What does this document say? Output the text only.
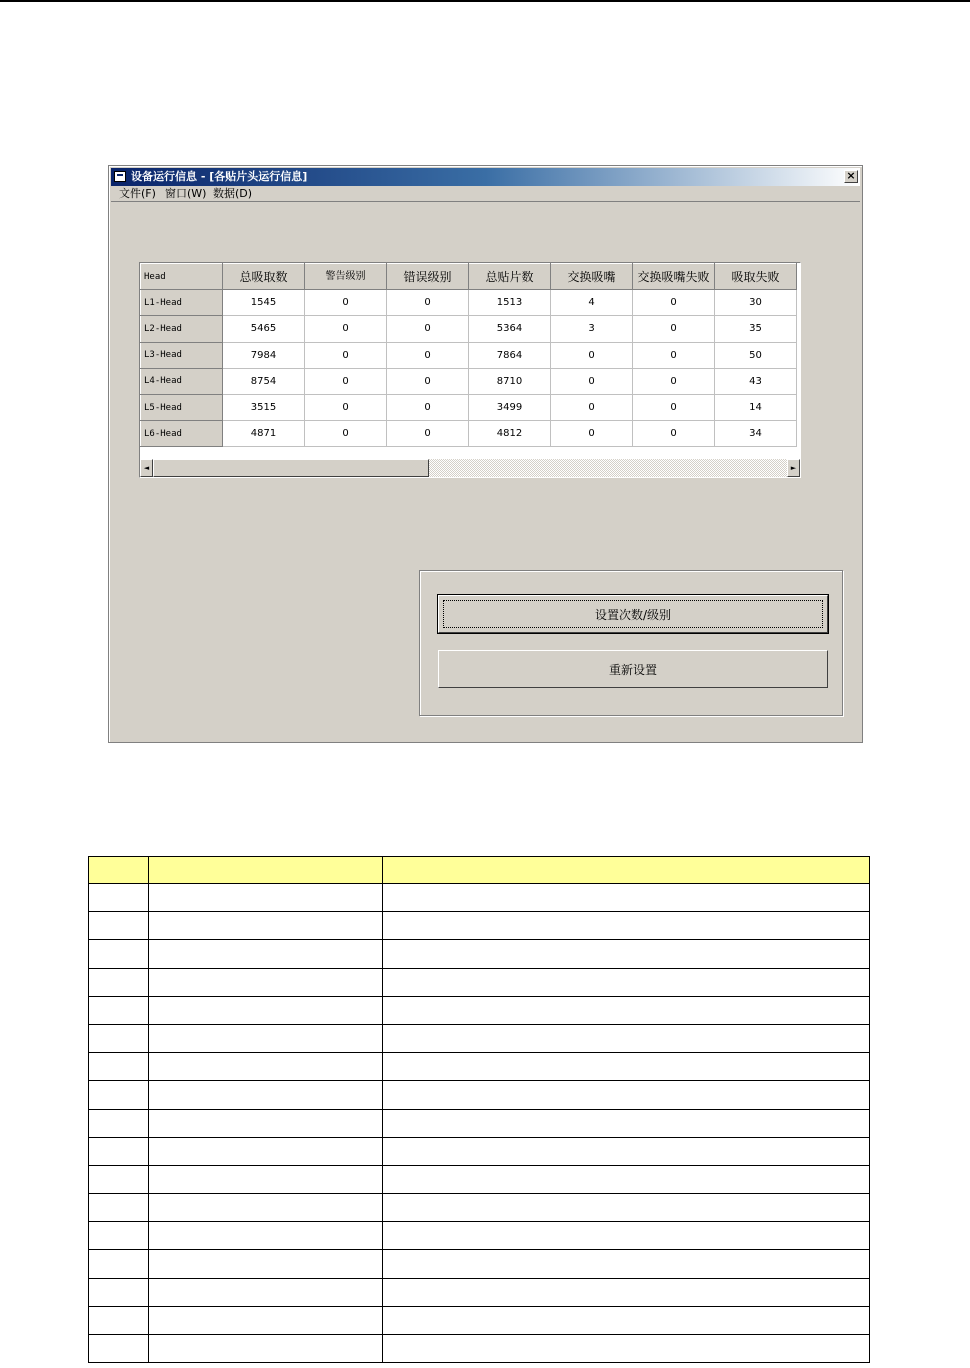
设备运行信息 - [各贴片头运行信息]	×
文件(F) 窗口(W) 数据(D)
Head	总吸取数	警告级别	错误级别	总贴片数	交换吸嘴	交换吸嘴失败	吸取失败
L1-Head	1545	0	0	1513	4	0	30
L2-Head	5465	0	0	5364	3	0	35
L3-Head	7984	0	0	7864	0	0	50
L4-Head	8754	0	0	8710	0	0	43
L5-Head	3515	0	0	3499	0	0	14
L6-Head	4871	0	0	4812	0	0	34
◄	►
设置次数/级别
重新设置
